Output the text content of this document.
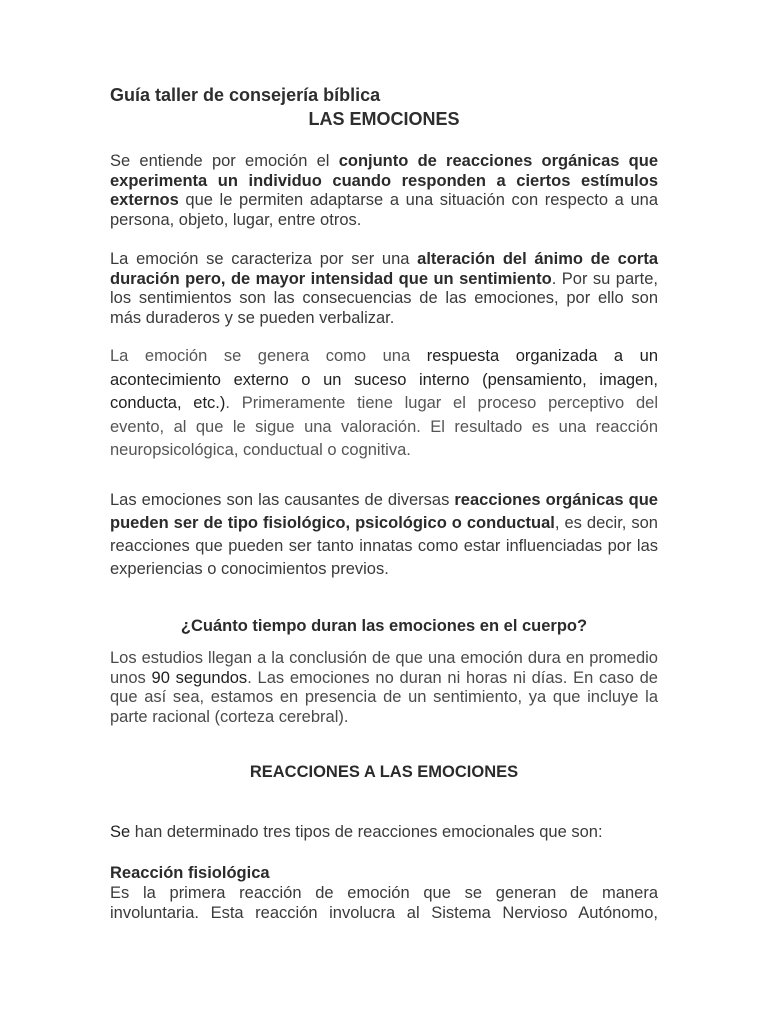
Guía taller de consejería bíblica
LAS EMOCIONES

Se entiende por emoción el conjunto de reacciones orgánicas que experimenta un individuo cuando responden a ciertos estímulos externos que le permiten adaptarse a una situación con respecto a una persona, objeto, lugar, entre otros.

La emoción se caracteriza por ser una alteración del ánimo de corta duración pero, de mayor intensidad que un sentimiento. Por su parte, los sentimientos son las consecuencias de las emociones, por ello son más duraderos y se pueden verbalizar.

La emoción se genera como una respuesta organizada a un acontecimiento externo o un suceso interno (pensamiento, imagen, conducta, etc.). Primeramente tiene lugar el proceso perceptivo del evento, al que le sigue una valoración. El resultado es una reacción neuropsicológica, conductual o cognitiva.

Las emociones son las causantes de diversas reacciones orgánicas que pueden ser de tipo fisiológico, psicológico o conductual, es decir, son reacciones que pueden ser tanto innatas como estar influenciadas por las experiencias o conocimientos previos.

¿Cuánto tiempo duran las emociones en el cuerpo?

Los estudios llegan a la conclusión de que una emoción dura en promedio unos 90 segundos. Las emociones no duran ni horas ni días. En caso de que así sea, estamos en presencia de un sentimiento, ya que incluye la parte racional (corteza cerebral).

REACCIONES A LAS EMOCIONES

Se han determinado tres tipos de reacciones emocionales que son:

Reacción fisiológica

Es la primera reacción de emoción que se generan de manera involuntaria. Esta reacción involucra al Sistema Nervioso Autónomo,
